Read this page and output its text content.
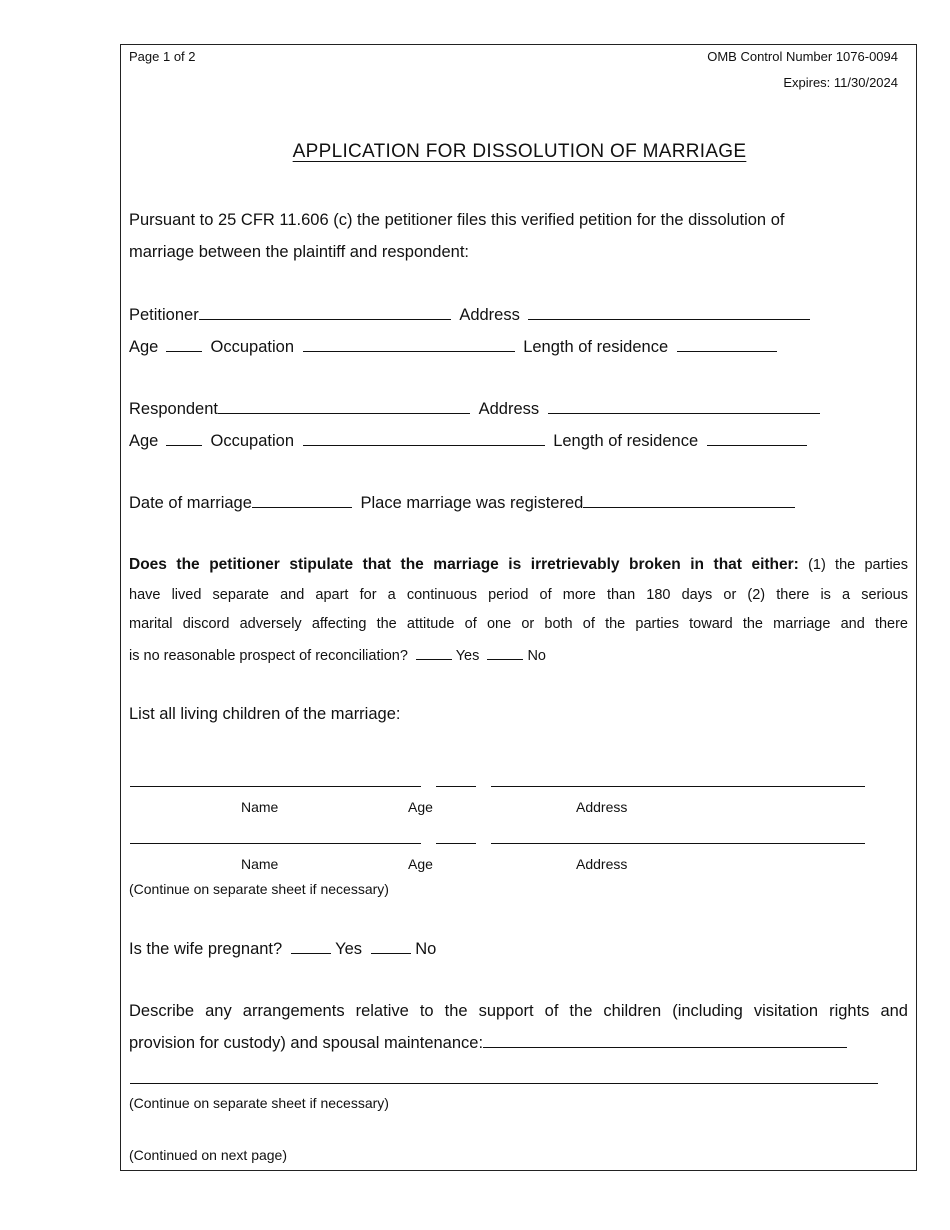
Page 1 of 2	OMB Control Number 1076-0094
Expires: 11/30/2024
APPLICATION FOR DISSOLUTION OF MARRIAGE
Pursuant to 25 CFR 11.606 (c) the petitioner files this verified petition for the dissolution of
marriage between the plaintiff and respondent:
Petitioner	Address
Age	Occupation	Length of residence
Respondent	Address
Age	Occupation	Length of residence
Date of marriage	Place marriage was registered
Does the petitioner stipulate that the marriage is irretrievably broken in that either: (1) the parties
have lived separate and apart for a continuous period of more than 180 days or (2) there is a serious
marital discord adversely affecting the attitude of one or both of the parties toward the marriage and there
is no reasonable prospect of reconciliation?	Yes	No
List all living children of the marriage:
Name	Age	Address
Name	Age	Address
(Continue on separate sheet if necessary)
Is the wife pregnant?	Yes	No
Describe any arrangements relative to the support of the children (including visitation rights and
provision for custody) and spousal maintenance:
(Continue on separate sheet if necessary)
(Continued on next page)
